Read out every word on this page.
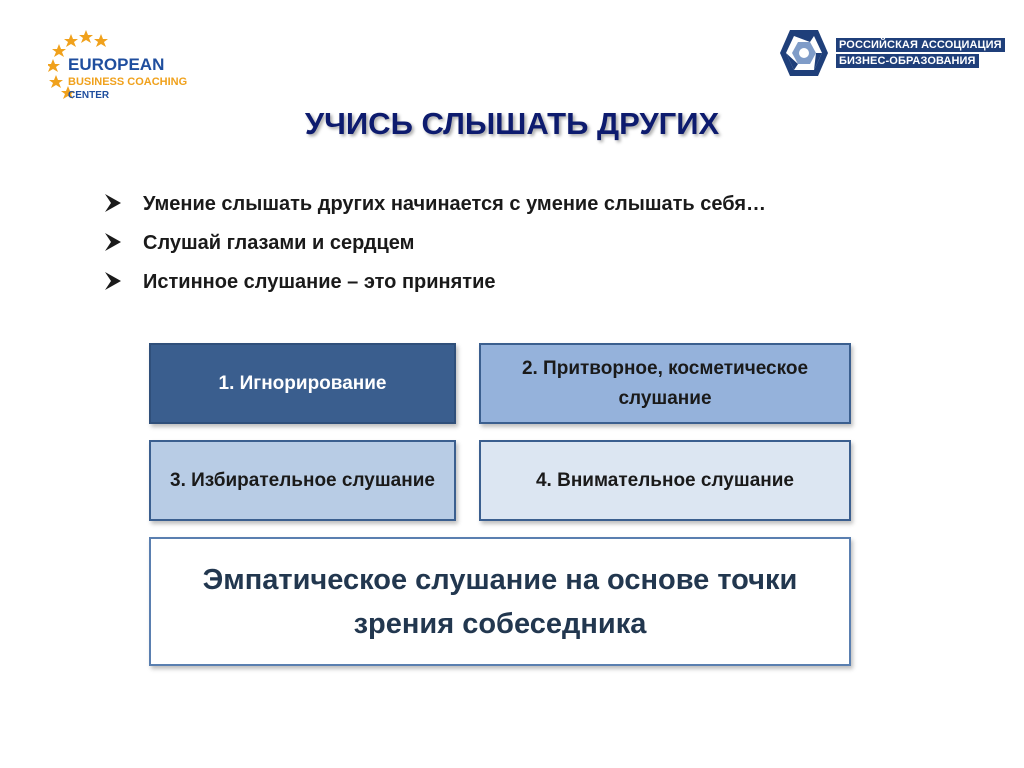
EUROPEAN
BUSINESS COACHING
CENTER
РОССИЙСКАЯ АССОЦИАЦИЯ
БИЗНЕС-ОБРАЗОВАНИЯ
УЧИСЬ СЛЫШАТЬ ДРУГИХ
Умение слышать других начинается с умение слышать себя…
Слушай глазами и сердцем
Истинное слушание – это принятие
1. Игнорирование
2. Притворное, косметическое слушание
3. Избирательное слушание	4. Внимательное слушание
Эмпатическое слушание на основе точки зрения собеседника
